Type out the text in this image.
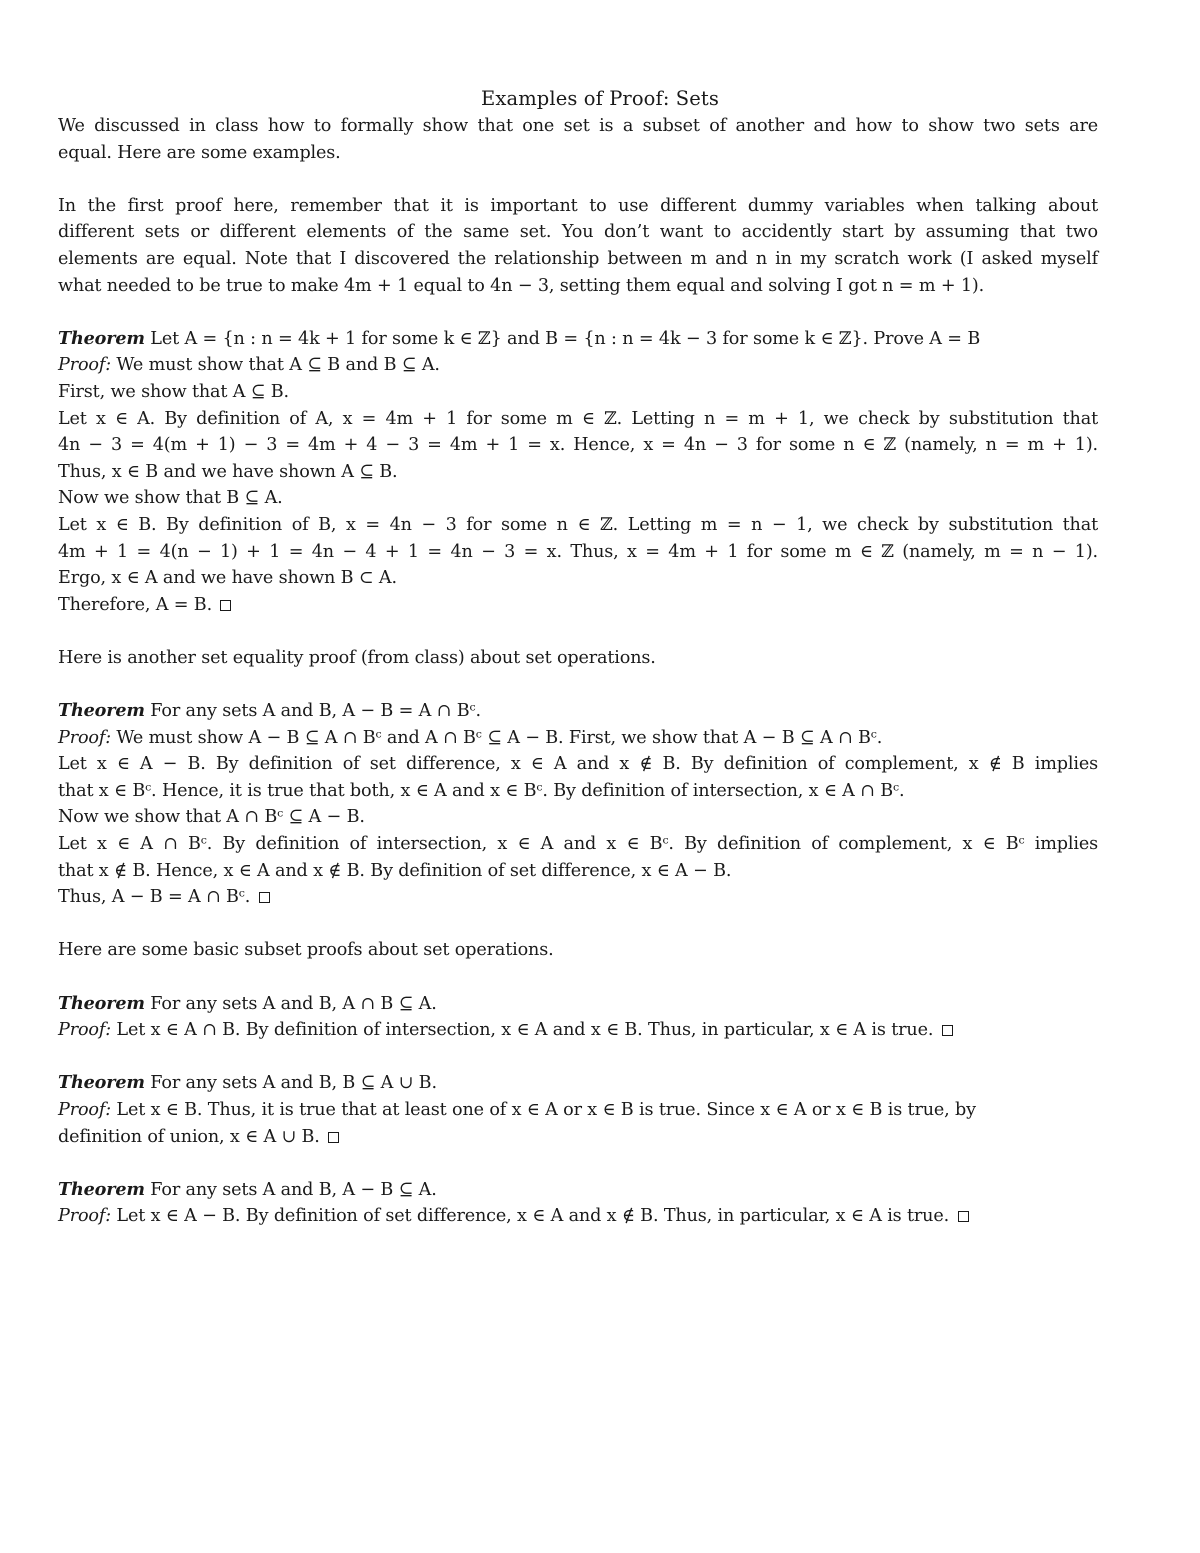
Examples of Proof: Sets
We discussed in class how to formally show that one set is a subset of another and how to show two sets are
equal. Here are some examples.
In the first proof here, remember that it is important to use different dummy variables when talking about
different sets or different elements of the same set. You don’t want to accidently start by assuming that two
elements are equal. Note that I discovered the relationship between m and n in my scratch work (I asked myself
what needed to be true to make 4m + 1 equal to 4n − 3, setting them equal and solving I got n = m + 1).
Theorem Let A = {n : n = 4k + 1 for some k ∈ ℤ} and B = {n : n = 4k − 3 for some k ∈ ℤ}. Prove A = B
Proof: We must show that A ⊆ B and B ⊆ A.
First, we show that A ⊆ B.
Let x ∈ A. By definition of A, x = 4m + 1 for some m ∈ ℤ. Letting n = m + 1, we check by substitution that
4n − 3 = 4(m + 1) − 3 = 4m + 4 − 3 = 4m + 1 = x. Hence, x = 4n − 3 for some n ∈ ℤ (namely, n = m + 1).
Thus, x ∈ B and we have shown A ⊆ B.
Now we show that B ⊆ A.
Let x ∈ B. By definition of B, x = 4n − 3 for some n ∈ ℤ. Letting m = n − 1, we check by substitution that
4m + 1 = 4(n − 1) + 1 = 4n − 4 + 1 = 4n − 3 = x. Thus, x = 4m + 1 for some m ∈ ℤ (namely, m = n − 1).
Ergo, x ∈ A and we have shown B ⊂ A.
Therefore, A = B.
Here is another set equality proof (from class) about set operations.
Theorem For any sets A and B, A − B = A ∩ Bᶜ.
Proof: We must show A − B ⊆ A ∩ Bᶜ and A ∩ Bᶜ ⊆ A − B. First, we show that A − B ⊆ A ∩ Bᶜ.
Let x ∈ A − B. By definition of set difference, x ∈ A and x ∉ B. By definition of complement, x ∉ B implies
that x ∈ Bᶜ. Hence, it is true that both, x ∈ A and x ∈ Bᶜ. By definition of intersection, x ∈ A ∩ Bᶜ.
Now we show that A ∩ Bᶜ ⊆ A − B.
Let x ∈ A ∩ Bᶜ. By definition of intersection, x ∈ A and x ∈ Bᶜ. By definition of complement, x ∈ Bᶜ implies
that x ∉ B. Hence, x ∈ A and x ∉ B. By definition of set difference, x ∈ A − B.
Thus, A − B = A ∩ Bᶜ.
Here are some basic subset proofs about set operations.
Theorem For any sets A and B, A ∩ B ⊆ A.
Proof: Let x ∈ A ∩ B. By definition of intersection, x ∈ A and x ∈ B. Thus, in particular, x ∈ A is true.
Theorem For any sets A and B, B ⊆ A ∪ B.
Proof: Let x ∈ B. Thus, it is true that at least one of x ∈ A or x ∈ B is true. Since x ∈ A or x ∈ B is true, by
definition of union, x ∈ A ∪ B.
Theorem For any sets A and B, A − B ⊆ A.
Proof: Let x ∈ A − B. By definition of set difference, x ∈ A and x ∉ B. Thus, in particular, x ∈ A is true.
